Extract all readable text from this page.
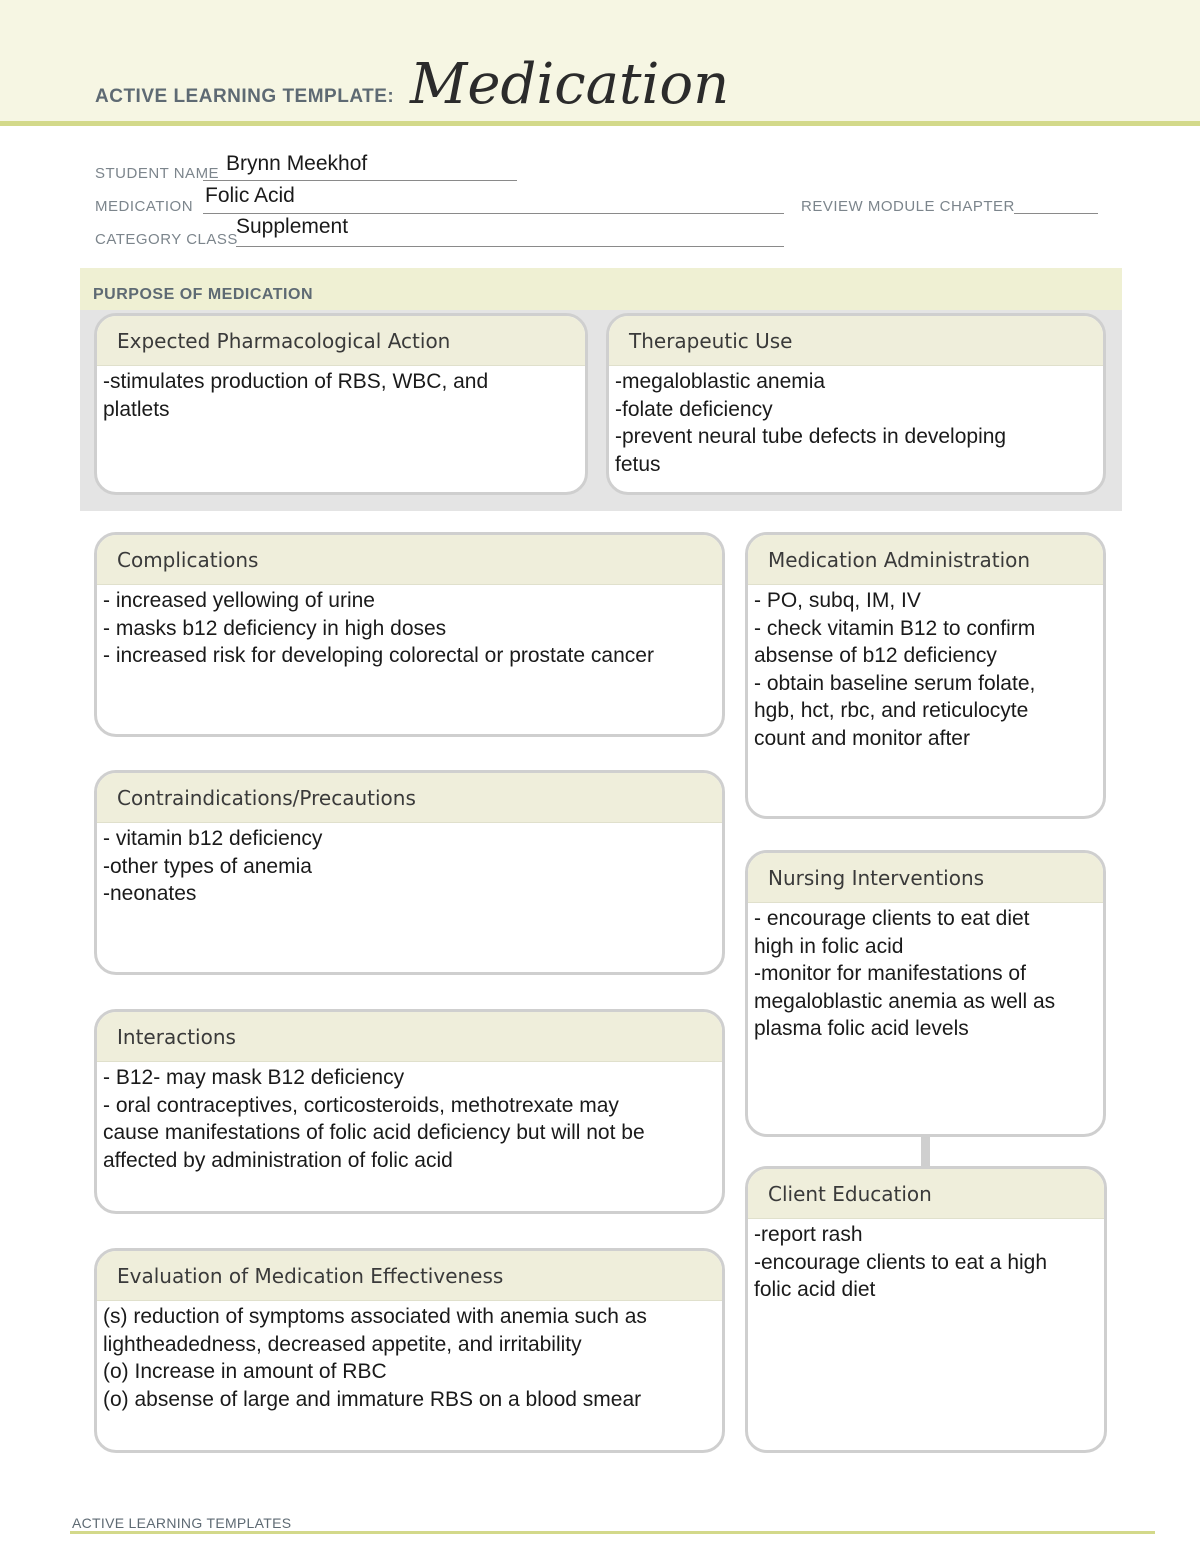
ACTIVE LEARNING TEMPLATE: Medication
STUDENT NAME Brynn Meekhof
MEDICATION Folic Acid	REVIEW MODULE CHAPTER
CATEGORY CLASS
Supplement
PURPOSE OF MEDICATION
Expected Pharmacological Action
-stimulates production of RBS, WBC, and
platlets
Therapeutic Use
-megaloblastic anemia
-folate deficiency
-prevent neural tube defects in developing
fetus
Complications
- increased yellowing of urine
- masks b12 deficiency in high doses
- increased risk for developing colorectal or prostate cancer
Medication Administration
- PO, subq, IM, IV
- check vitamin B12 to confirm
absense of b12 deficiency
- obtain baseline serum folate,
hgb, hct, rbc, and reticulocyte
count and monitor after
Contraindications/Precautions
- vitamin b12 deficiency
-other types of anemia
-neonates
Nursing Interventions
- encourage clients to eat diet
high in folic acid
-monitor for manifestations of
megaloblastic anemia as well as
plasma folic acid levels
Interactions
- B12- may mask B12 deficiency
- oral contraceptives, corticosteroids, methotrexate may
cause manifestations of folic acid deficiency but will not be
affected by administration of folic acid
Client Education
-report rash
-encourage clients to eat a high
folic acid diet
Evaluation of Medication Effectiveness
(s) reduction of symptoms associated with anemia such as
lightheadedness, decreased appetite, and irritability
(o) Increase in amount of RBC
(o) absense of large and immature RBS on a blood smear
ACTIVE LEARNING TEMPLATES
